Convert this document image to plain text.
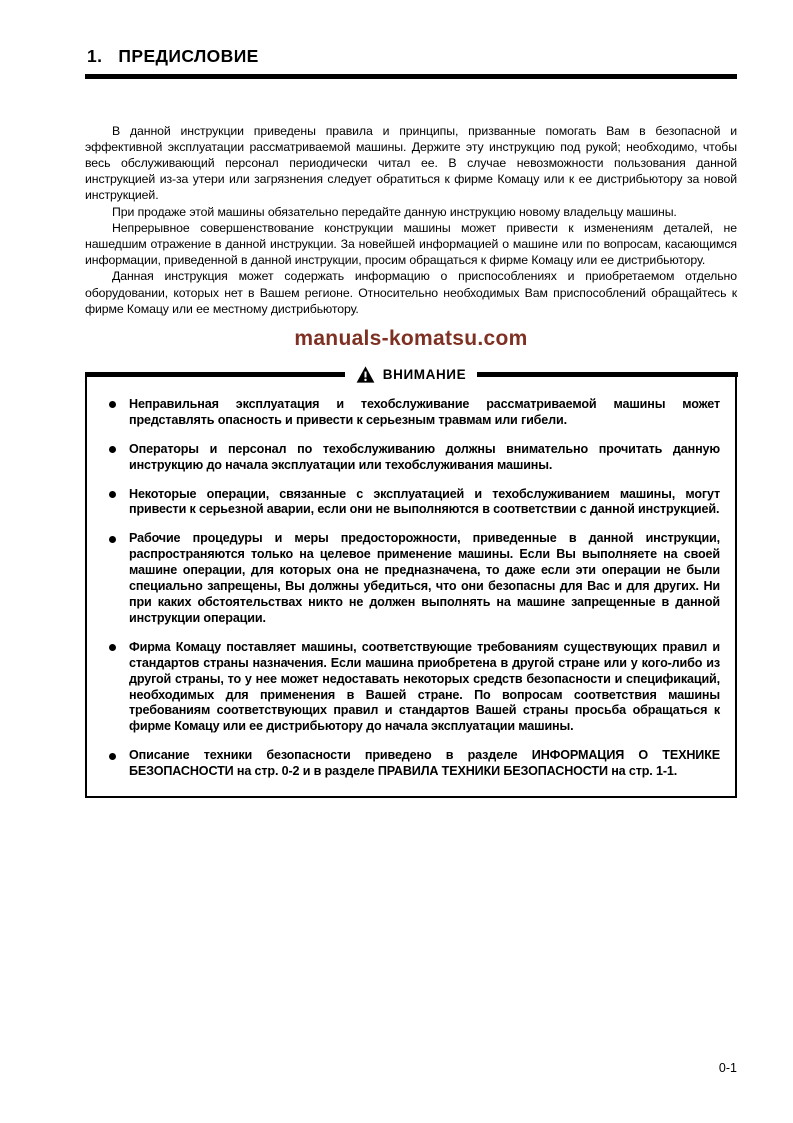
1. ПРЕДИСЛОВИЕ

В данной инструкции приведены правила и принципы, призванные помогать Вам в безопасной и эффективной эксплуатации рассматриваемой машины. Держите эту инструкцию под рукой; необходимо, чтобы весь обслуживающий персонал периодически читал ее. В случае невозможности пользования данной инструкцией из-за утери или загрязнения следует обратиться к фирме Комацу или к ее дистрибьютору за новой инструкцией.

При продаже этой машины обязательно передайте данную инструкцию новому владельцу машины.

Непрерывное совершенствование конструкции машины может привести к изменениям деталей, не нашедшим отражение в данной инструкции. За новейшей информацией о машине или по вопросам, касающимся информации, приведенной в данной инструкции, просим обращаться к фирме Комацу или ее дистрибьютору.

Данная инструкция может содержать информацию о приспособлениях и приобретаемом отдельно оборудовании, которых нет в Вашем регионе. Относительно необходимых Вам приспособлений обращайтесь к фирме Комацу или ее местному дистрибьютору.

manuals-komatsu.com
ВНИМАНИЕ
Неправильная эксплуатация и техобслуживание рассматриваемой машины может представлять опасность и привести к серьезным травмам или гибели.
Операторы и персонал по техобслуживанию должны внимательно прочитать данную инструкцию до начала эксплуатации или техобслуживания машины.
Некоторые операции, связанные с эксплуатацией и техобслуживанием машины, могут привести к серьезной аварии, если они не выполняются в соответствии с данной инструкцией.
Рабочие процедуры и меры предосторожности, приведенные в данной инструкции, распространяются только на целевое применение машины. Если Вы выполняете на своей машине операции, для которых она не предназначена, то даже если эти операции не были специально запрещены, Вы должны убедиться, что они безопасны для Вас и для других. Ни при каких обстоятельствах никто не должен выполнять на машине запрещенные в данной инструкции операции.
Фирма Комацу поставляет машины, соответствующие требованиям существующих правил и стандартов страны назначения. Если машина приобретена в другой стране или у кого-либо из другой страны, то у нее может недоставать некоторых средств безопасности и спецификаций, необходимых для применения в Вашей стране. По вопросам соответствия машины требованиям соответствующих правил и стандартов Вашей страны просьба обращаться к фирме Комацу или ее дистрибьютору до начала эксплуатации машины.
Описание техники безопасности приведено в разделе ИНФОРМАЦИЯ О ТЕХНИКЕ БЕЗОПАСНОСТИ на стр. 0-2 и в разделе ПРАВИЛА ТЕХНИКИ БЕЗОПАСНОСТИ на стр. 1-1.
0-1
